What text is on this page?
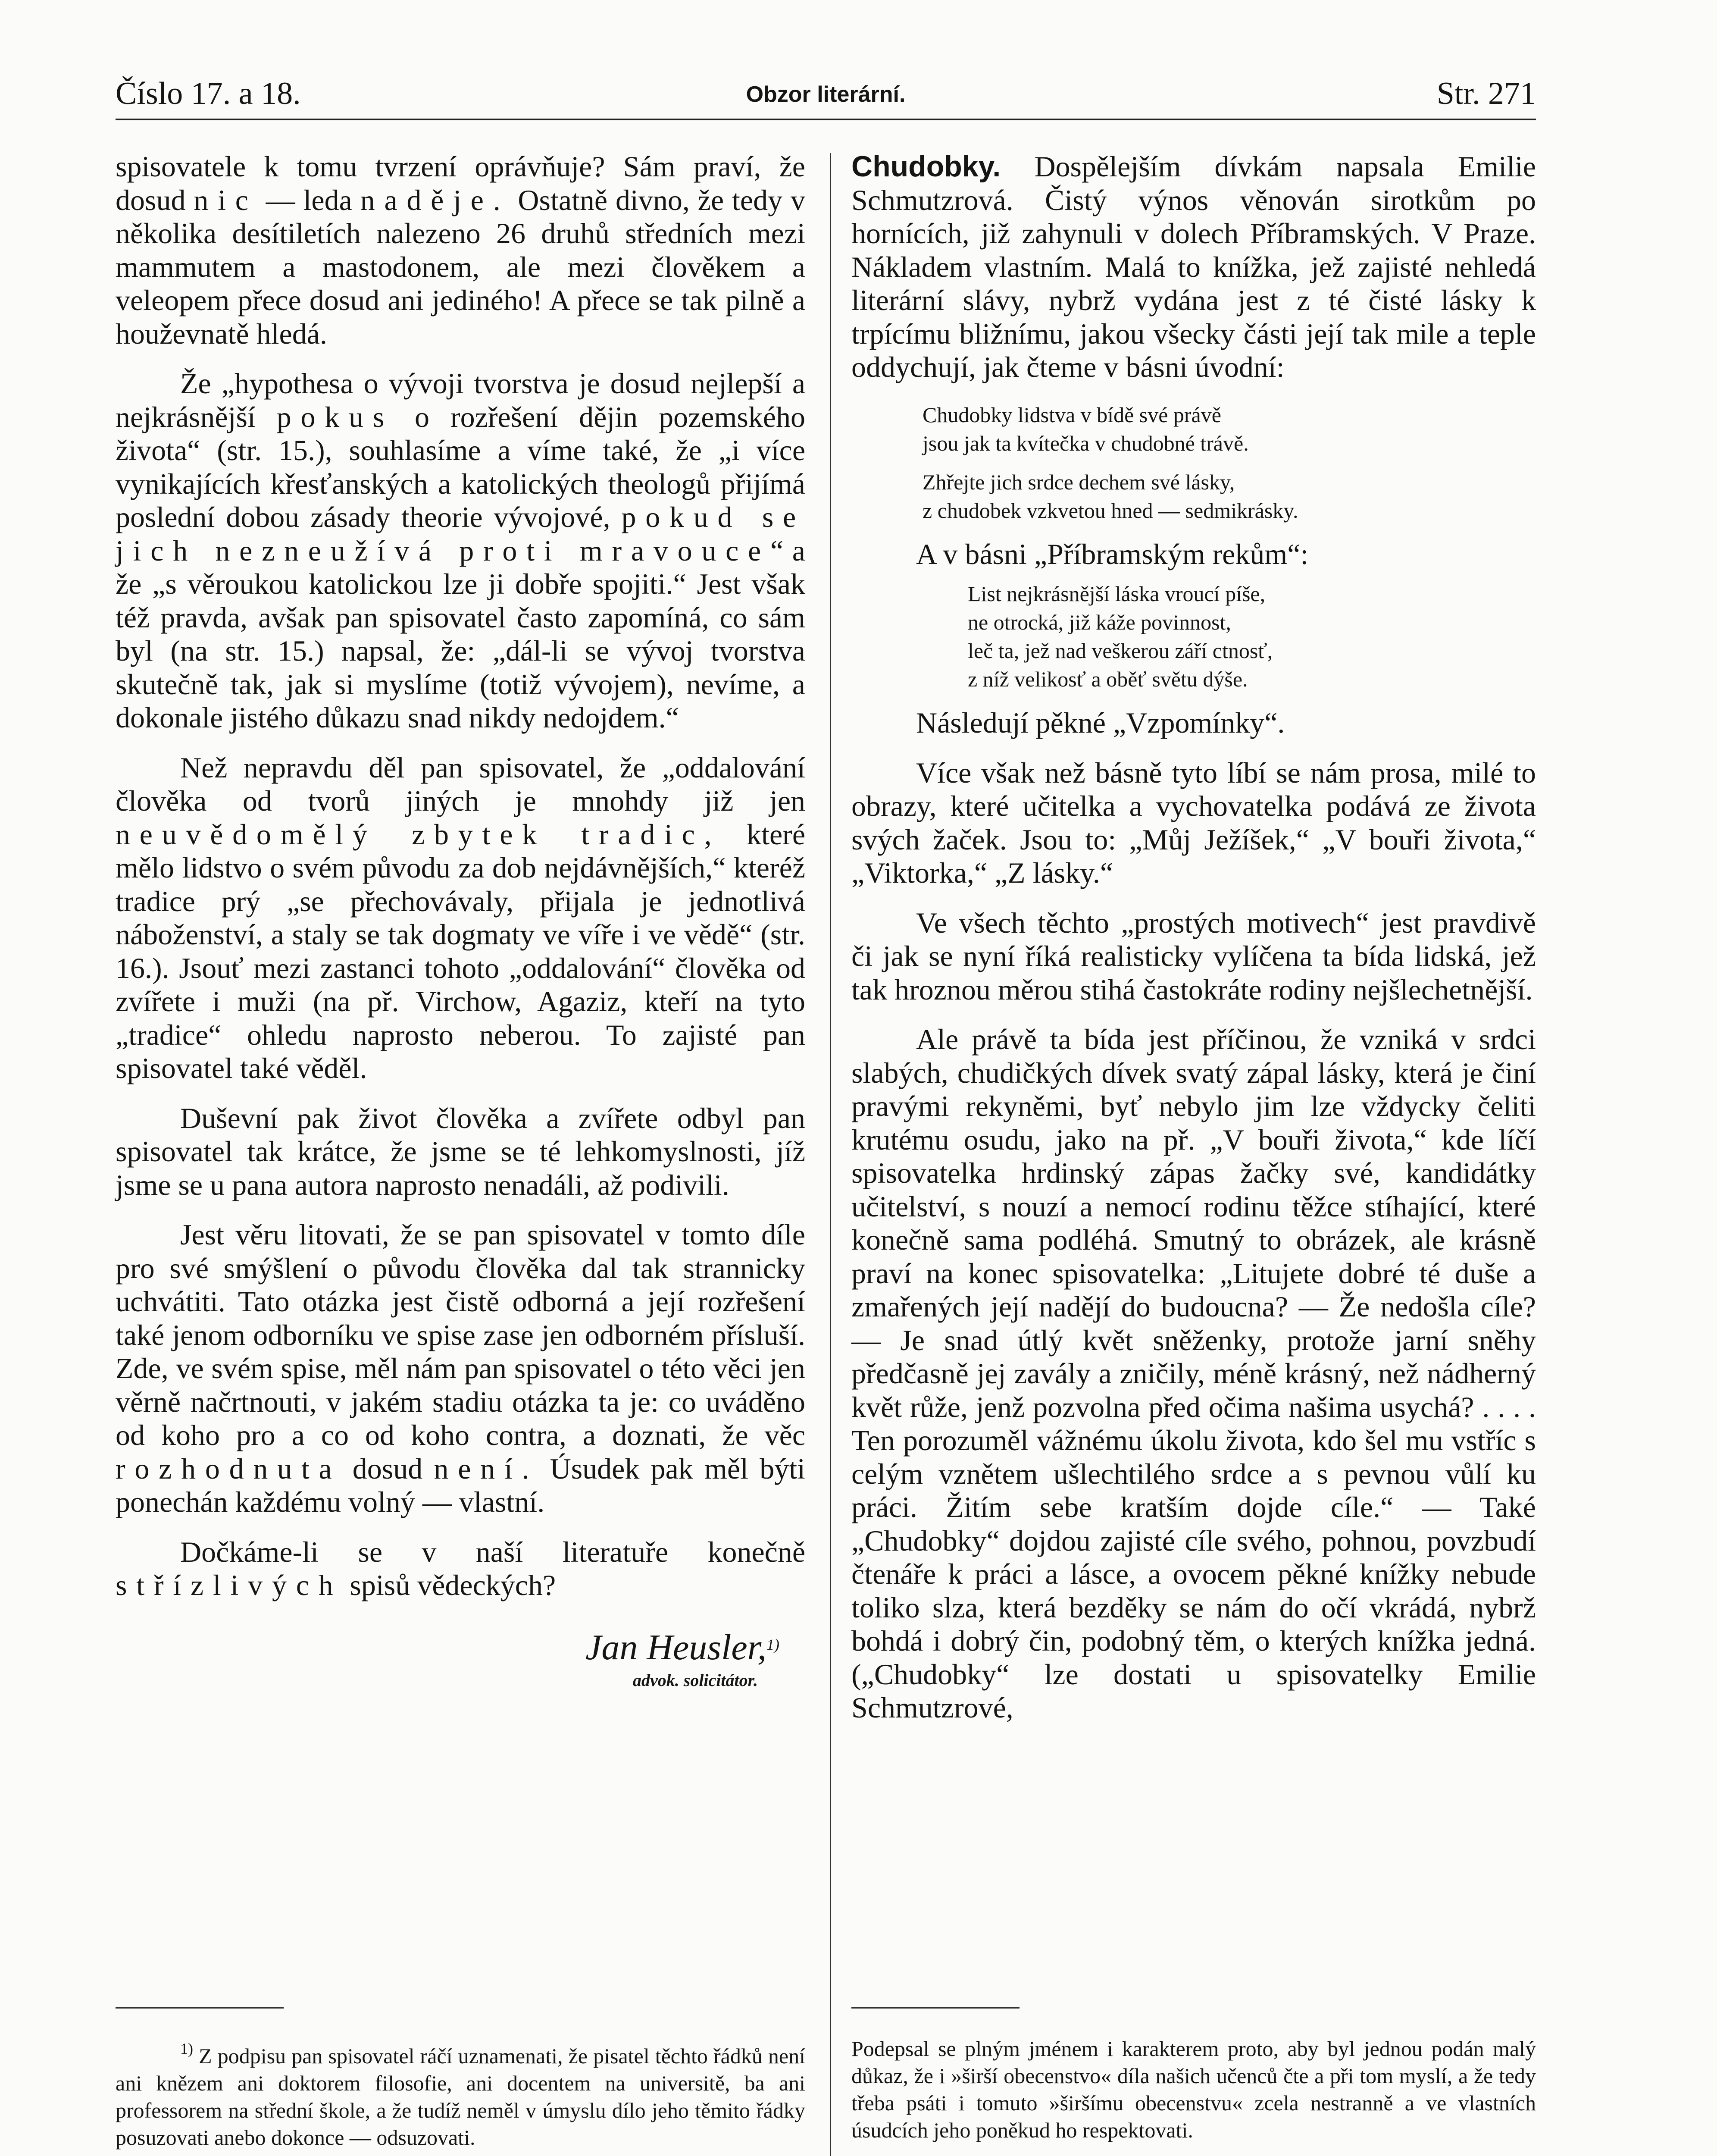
Číslo 17. a 18.	Obzor literární.	Str. 271

spisovatele k tomu tvrzení oprávňuje? Sám praví, že dosud nic — leda naděje. Ostatně divno, že tedy v několika desítiletích nalezeno 26 druhů středních mezi mammutem a mastodonem, ale mezi člověkem a veleopem přece dosud ani jediného! A přece se tak pilně a houževnatě hledá.

Že „hypothesa o vývoji tvorstva je dosud nejlepší a nejkrásnější pokus o rozřešení dějin pozemského života“ (str. 15.), souhlasíme a víme také, že „i více vynikajících křesťanských a katolických theologů přijímá poslední dobou zásady theorie vývojové, pokud se jich nezneužívá proti mravouce“ a že „s věroukou katolickou lze ji dobře spojiti.“ Jest však též pravda, avšak pan spisovatel často zapomíná, co sám byl (na str. 15.) napsal, že: „dál-li se vývoj tvorstva skutečně tak, jak si myslíme (totiž vývojem), nevíme, a dokonale jistého důkazu snad nikdy nedojdem.“

Než nepravdu děl pan spisovatel, že „oddalování člověka od tvorů jiných je mnohdy již jen neuvědomělý zbytek tradic, které mělo lidstvo o svém původu za dob nejdávnějších,“ kteréž tradice prý „se přechovávaly, přijala je jednotlivá náboženství, a staly se tak dogmaty ve víře i ve vědě“ (str. 16.). Jsouť mezi zastanci tohoto „oddalování“ člověka od zvířete i muži (na př. Virchow, Agaziz, kteří na tyto „tradice“ ohledu naprosto neberou. To zajisté pan spisovatel také věděl.

Duševní pak život člověka a zvířete odbyl pan spisovatel tak krátce, že jsme se té lehkomyslnosti, jíž jsme se u pana autora naprosto nenadáli, až podivili.

Jest věru litovati, že se pan spisovatel v tomto díle pro své smýšlení o původu člověka dal tak strannicky uchvátiti. Tato otázka jest čistě odborná a její rozřešení také jenom odborníku ve spise zase jen odborném přísluší. Zde, ve svém spise, měl nám pan spisovatel o této věci jen věrně načrtnouti, v jakém stadiu otázka ta je: co uváděno od koho pro a co od koho contra, a doznati, že věc rozhodnuta dosud není. Úsudek pak měl býti ponechán každému volný — vlastní.

Dočkáme-li se v naší literatuře konečně střízlivých spisů vědeckých?

Jan Heusler,$^{1)}$
advok. solicitátor.

Chudobky. Dospělejším dívkám napsala Emilie Schmutzrová. Čistý výnos věnován sirotkům po hornících, již zahynuli v dolech Příbramských. V Praze. Nákladem vlastním. Malá to knížka, jež zajisté nehledá literární slávy, nybrž vydána jest z té čisté lásky k trpícímu bližnímu, jakou všecky části její tak mile a teple oddychují, jak čteme v básni úvodní:

Chudobky lidstva v bídě své právě
jsou jak ta kvítečka v chudobné trávě.
Zhřejte jich srdce dechem své lásky,
z chudobek vzkvetou hned — sedmikrásky.

A v básni „Příbramským rekům“:

List nejkrásnější láska vroucí píše,
ne otrocká, již káže povinnost,
leč ta, jež nad veškerou září ctnosť,
z níž velikosť a oběť světu dýše.

Následují pěkné „Vzpomínky“.

Více však než básně tyto líbí se nám prosa, milé to obrazy, které učitelka a vychovatelka podává ze života svých žaček. Jsou to: „Můj Ježíšek,“ „V bouři života,“ „Viktorka,“ „Z lásky.“

Ve všech těchto „prostých motivech“ jest pravdivě či jak se nyní říká realisticky vylíčena ta bída lidská, jež tak hroznou měrou stihá častokráte rodiny nejšlechetnější.

Ale právě ta bída jest příčinou, že vzniká v srdci slabých, chudičkých dívek svatý zápal lásky, která je činí pravými rekyněmi, byť nebylo jim lze vždycky čeliti krutému osudu, jako na př. „V bouři života,“ kde líčí spisovatelka hrdinský zápas žačky své, kandidátky učitelství, s nouzí a nemocí rodinu těžce stíhající, které konečně sama podléhá. Smutný to obrázek, ale krásně praví na konec spisovatelka: „Litujete dobré té duše a zmařených její nadějí do budoucna? — Že nedošla cíle? — Je snad útlý květ sněženky, protože jarní sněhy předčasně jej zavály a zničily, méně krásný, než nádherný květ růže, jenž pozvolna před očima našima usychá? . . . . Ten porozuměl vážnému úkolu života, kdo šel mu vstříc s celým vznětem ušlechtilého srdce a s pevnou vůlí ku práci. Žitím sebe kratším dojde cíle.“ — Také „Chudobky“ dojdou zajisté cíle svého, pohnou, povzbudí čtenáře k práci a lásce, a ovocem pěkné knížky nebude toliko slza, která bezděky se nám do očí vkrádá, nybrž bohdá i dobrý čin, podobný těm, o kterých knížka jedná. („Chudobky“ lze dostati u spisovatelky Emilie Schmutzrové,

$^{1)}$ Z podpisu pan spisovatel ráčí uznamenati, že pisatel těchto řádků není ani knězem ani doktorem filosofie, ani docentem na universitě, ba ani professorem na střední škole, a že tudíž neměl v úmyslu dílo jeho těmito řádky posuzovati anebo dokonce — odsuzovati.
Podepsal se plným jménem i karakterem proto, aby byl jednou podán malý důkaz, že i »širší obecenstvo« díla našich učenců čte a při tom myslí, a že tedy třeba psáti i tomuto »širšímu obecenstvu« zcela nestranně a ve vlastních úsudcích jeho poněkud ho respektovati.
